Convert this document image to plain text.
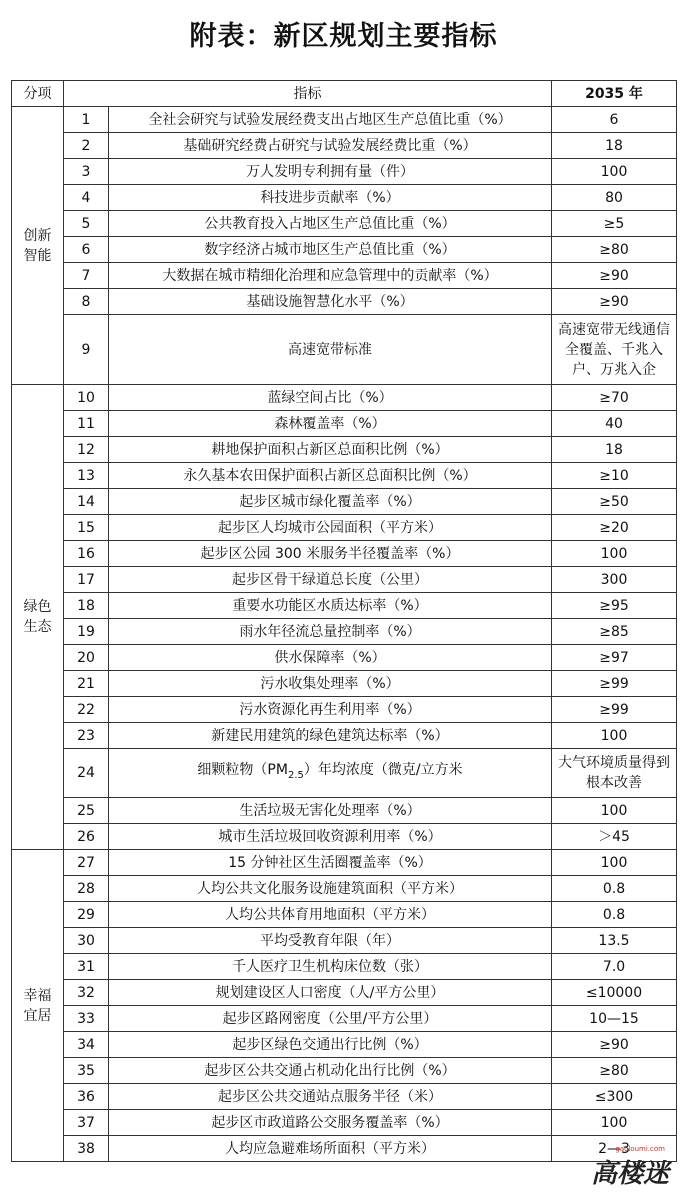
附表：新区规划主要指标
分项	指标		2035 年

创新
智能	1	全社会研究与试验发展经费支出占地区生产总值比重（%）	6
	2	基础研究经费占研究与试验发展经费比重（%）	18
	3	万人发明专利拥有量（件）	100
	4	科技进步贡献率（%）	80
	5	公共教育投入占地区生产总值比重（%）	≥5
	6	数字经济占城市地区生产总值比重（%）	≥80
	7	大数据在城市精细化治理和应急管理中的贡献率（%）	≥90
	8	基础设施智慧化水平（%）	≥90
	9	高速宽带标准	高速宽带无线通信全覆盖、千兆入户、万兆入企

绿色
生态	10	蓝绿空间占比（%）	≥70
	11	森林覆盖率（%）	40
	12	耕地保护面积占新区总面积比例（%）	18
	13	永久基本农田保护面积占新区总面积比例（%）	≥10
	14	起步区城市绿化覆盖率（%）	≥50
	15	起步区人均城市公园面积（平方米）	≥20
	16	起步区公园 300 米服务半径覆盖率（%）	100
	17	起步区骨干绿道总长度（公里）	300
	18	重要水功能区水质达标率（%）	≥95
	19	雨水年径流总量控制率（%）	≥85
	20	供水保障率（%）	≥97
	21	污水收集处理率（%）	≥99
	22	污水资源化再生利用率（%）	≥99
	23	新建民用建筑的绿色建筑达标率（%）	100
	24	细颗粒物$(PM_{2.5})$年均浓度（微克/立方米	大气环境质量得到根本改善
	25	生活垃圾无害化处理率（%）	100
	26	城市生活垃圾回收资源利用率（%）	＞45

幸福
宜居	27	15 分钟社区生活圈覆盖率（%）	100
	28	人均公共文化服务设施建筑面积（平方米）	0.8
	29	人均公共体育用地面积（平方米）	0.8
	30	平均受教育年限（年）	13.5
	31	千人医疗卫生机构床位数（张）	7.0
	32	规划建设区人口密度（人/平方公里）	≤10000
	33	起步区路网密度（公里/平方公里）	10—15
	34	起步区绿色交通出行比例（%）	≥90
	35	起步区公共交通占机动化出行比例（%）	≥80
	36	起步区公共交通站点服务半径（米）	≤300
	37	起步区市政道路公交服务覆盖率（%）	100
	38	人均应急避难场所面积（平方米）	2—3
gaoloumi.com
高楼迷
